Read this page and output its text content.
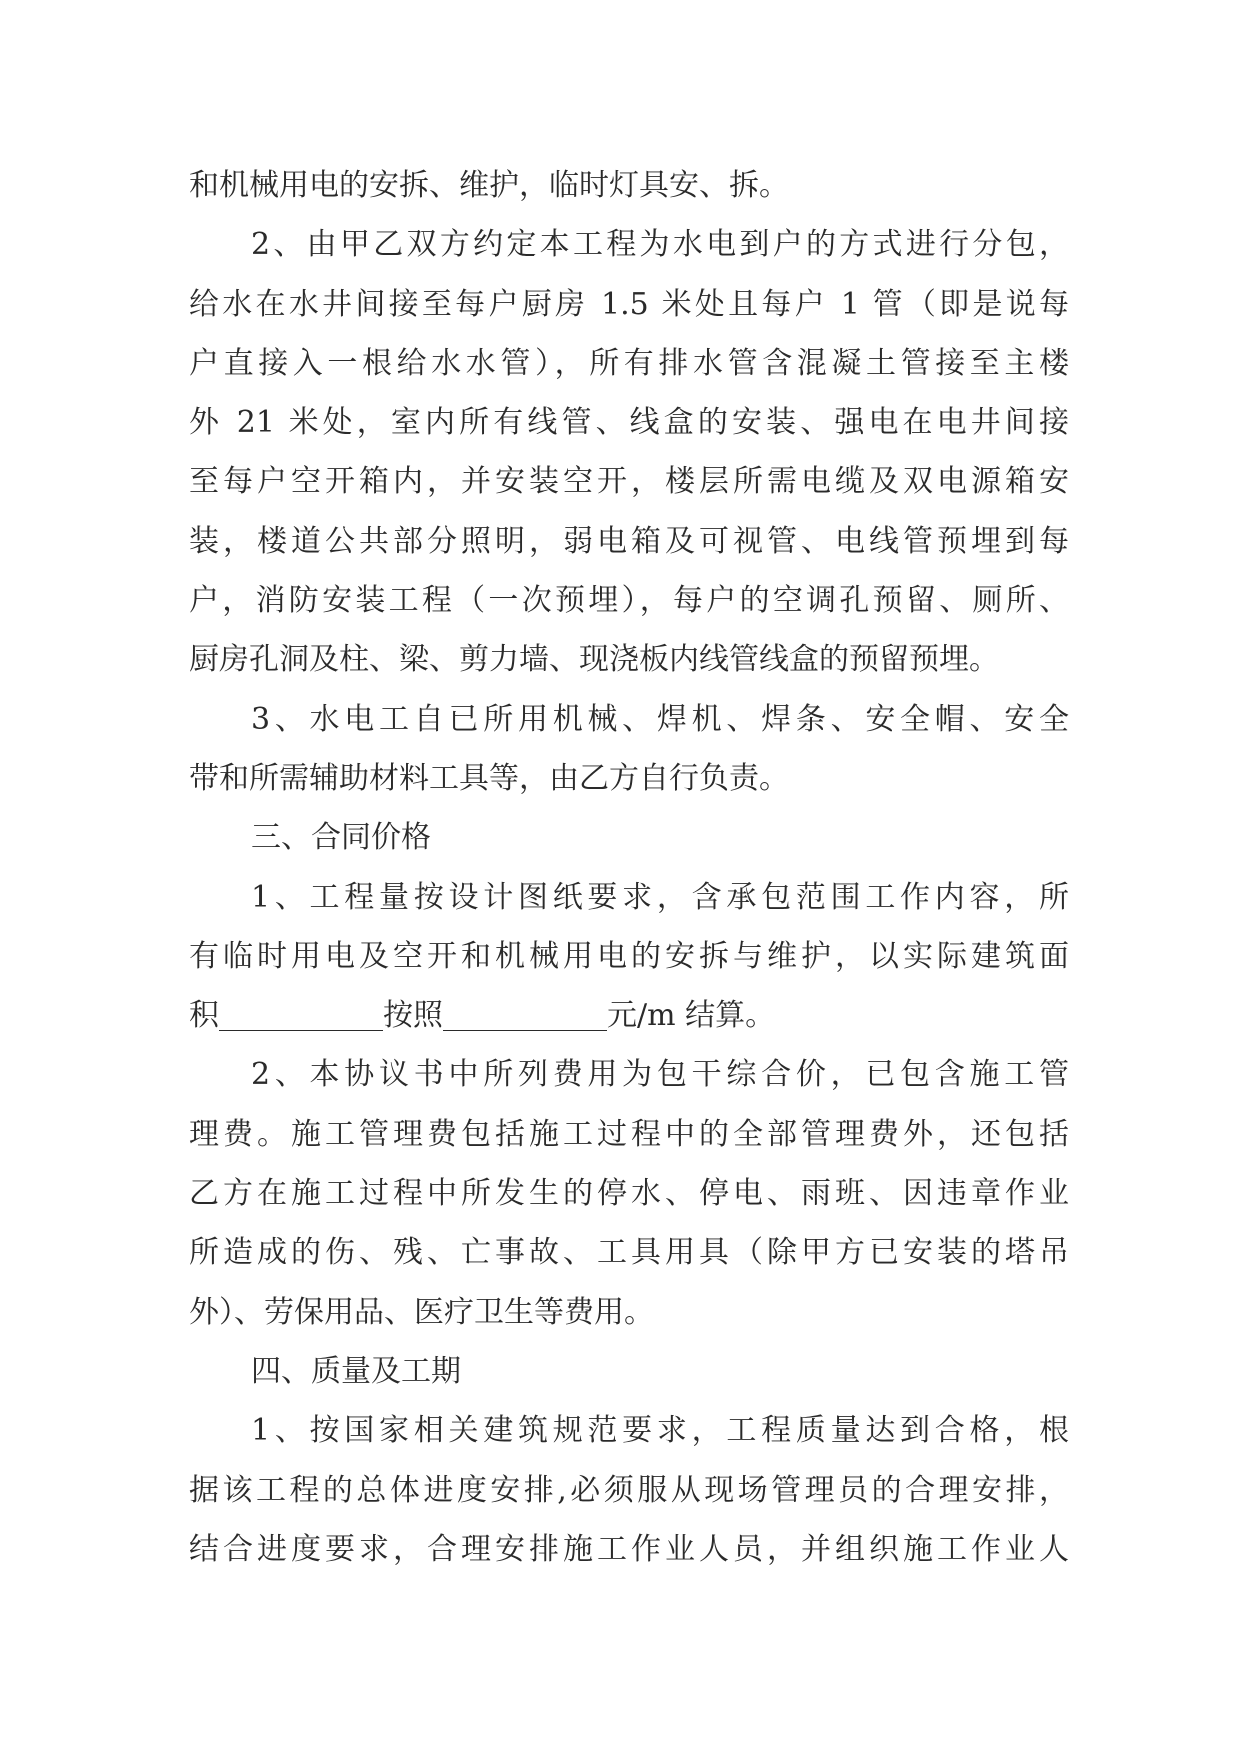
和机械用电的安拆、维护，临时灯具安、拆。
2、由甲乙双方约定本工程为水电到户的方式进行分包，
给水在水井间接至每户厨房 1.5 米处且每户 1 管（即是说每
户直接入一根给水水管），所有排水管含混凝土管接至主楼
外 21 米处，室内所有线管、线盒的安装、强电在电井间接
至每户空开箱内，并安装空开，楼层所需电缆及双电源箱安
装，楼道公共部分照明，弱电箱及可视管、电线管预埋到每
户，消防安装工程（一次预埋），每户的空调孔预留、厕所、
厨房孔洞及柱、梁、剪力墙、现浇板内线管线盒的预留预埋。
3、水电工自已所用机械、焊机、焊条、安全帽、安全
带和所需辅助材料工具等，由乙方自行负责。
三、合同价格
1、工程量按设计图纸要求，含承包范围工作内容，所
有临时用电及空开和机械用电的安拆与维护，以实际建筑面
积	按照	元/m 结算。
2、本协议书中所列费用为包干综合价，已包含施工管
理费。施工管理费包括施工过程中的全部管理费外，还包括
乙方在施工过程中所发生的停水、停电、雨班、因违章作业
所造成的伤、残、亡事故、工具用具（除甲方已安装的塔吊
外）、劳保用品、医疗卫生等费用。
四、质量及工期
1、按国家相关建筑规范要求，工程质量达到合格，根
据该工程的总体进度安排,必须服从现场管理员的合理安排，
结合进度要求，合理安排施工作业人员，并组织施工作业人
